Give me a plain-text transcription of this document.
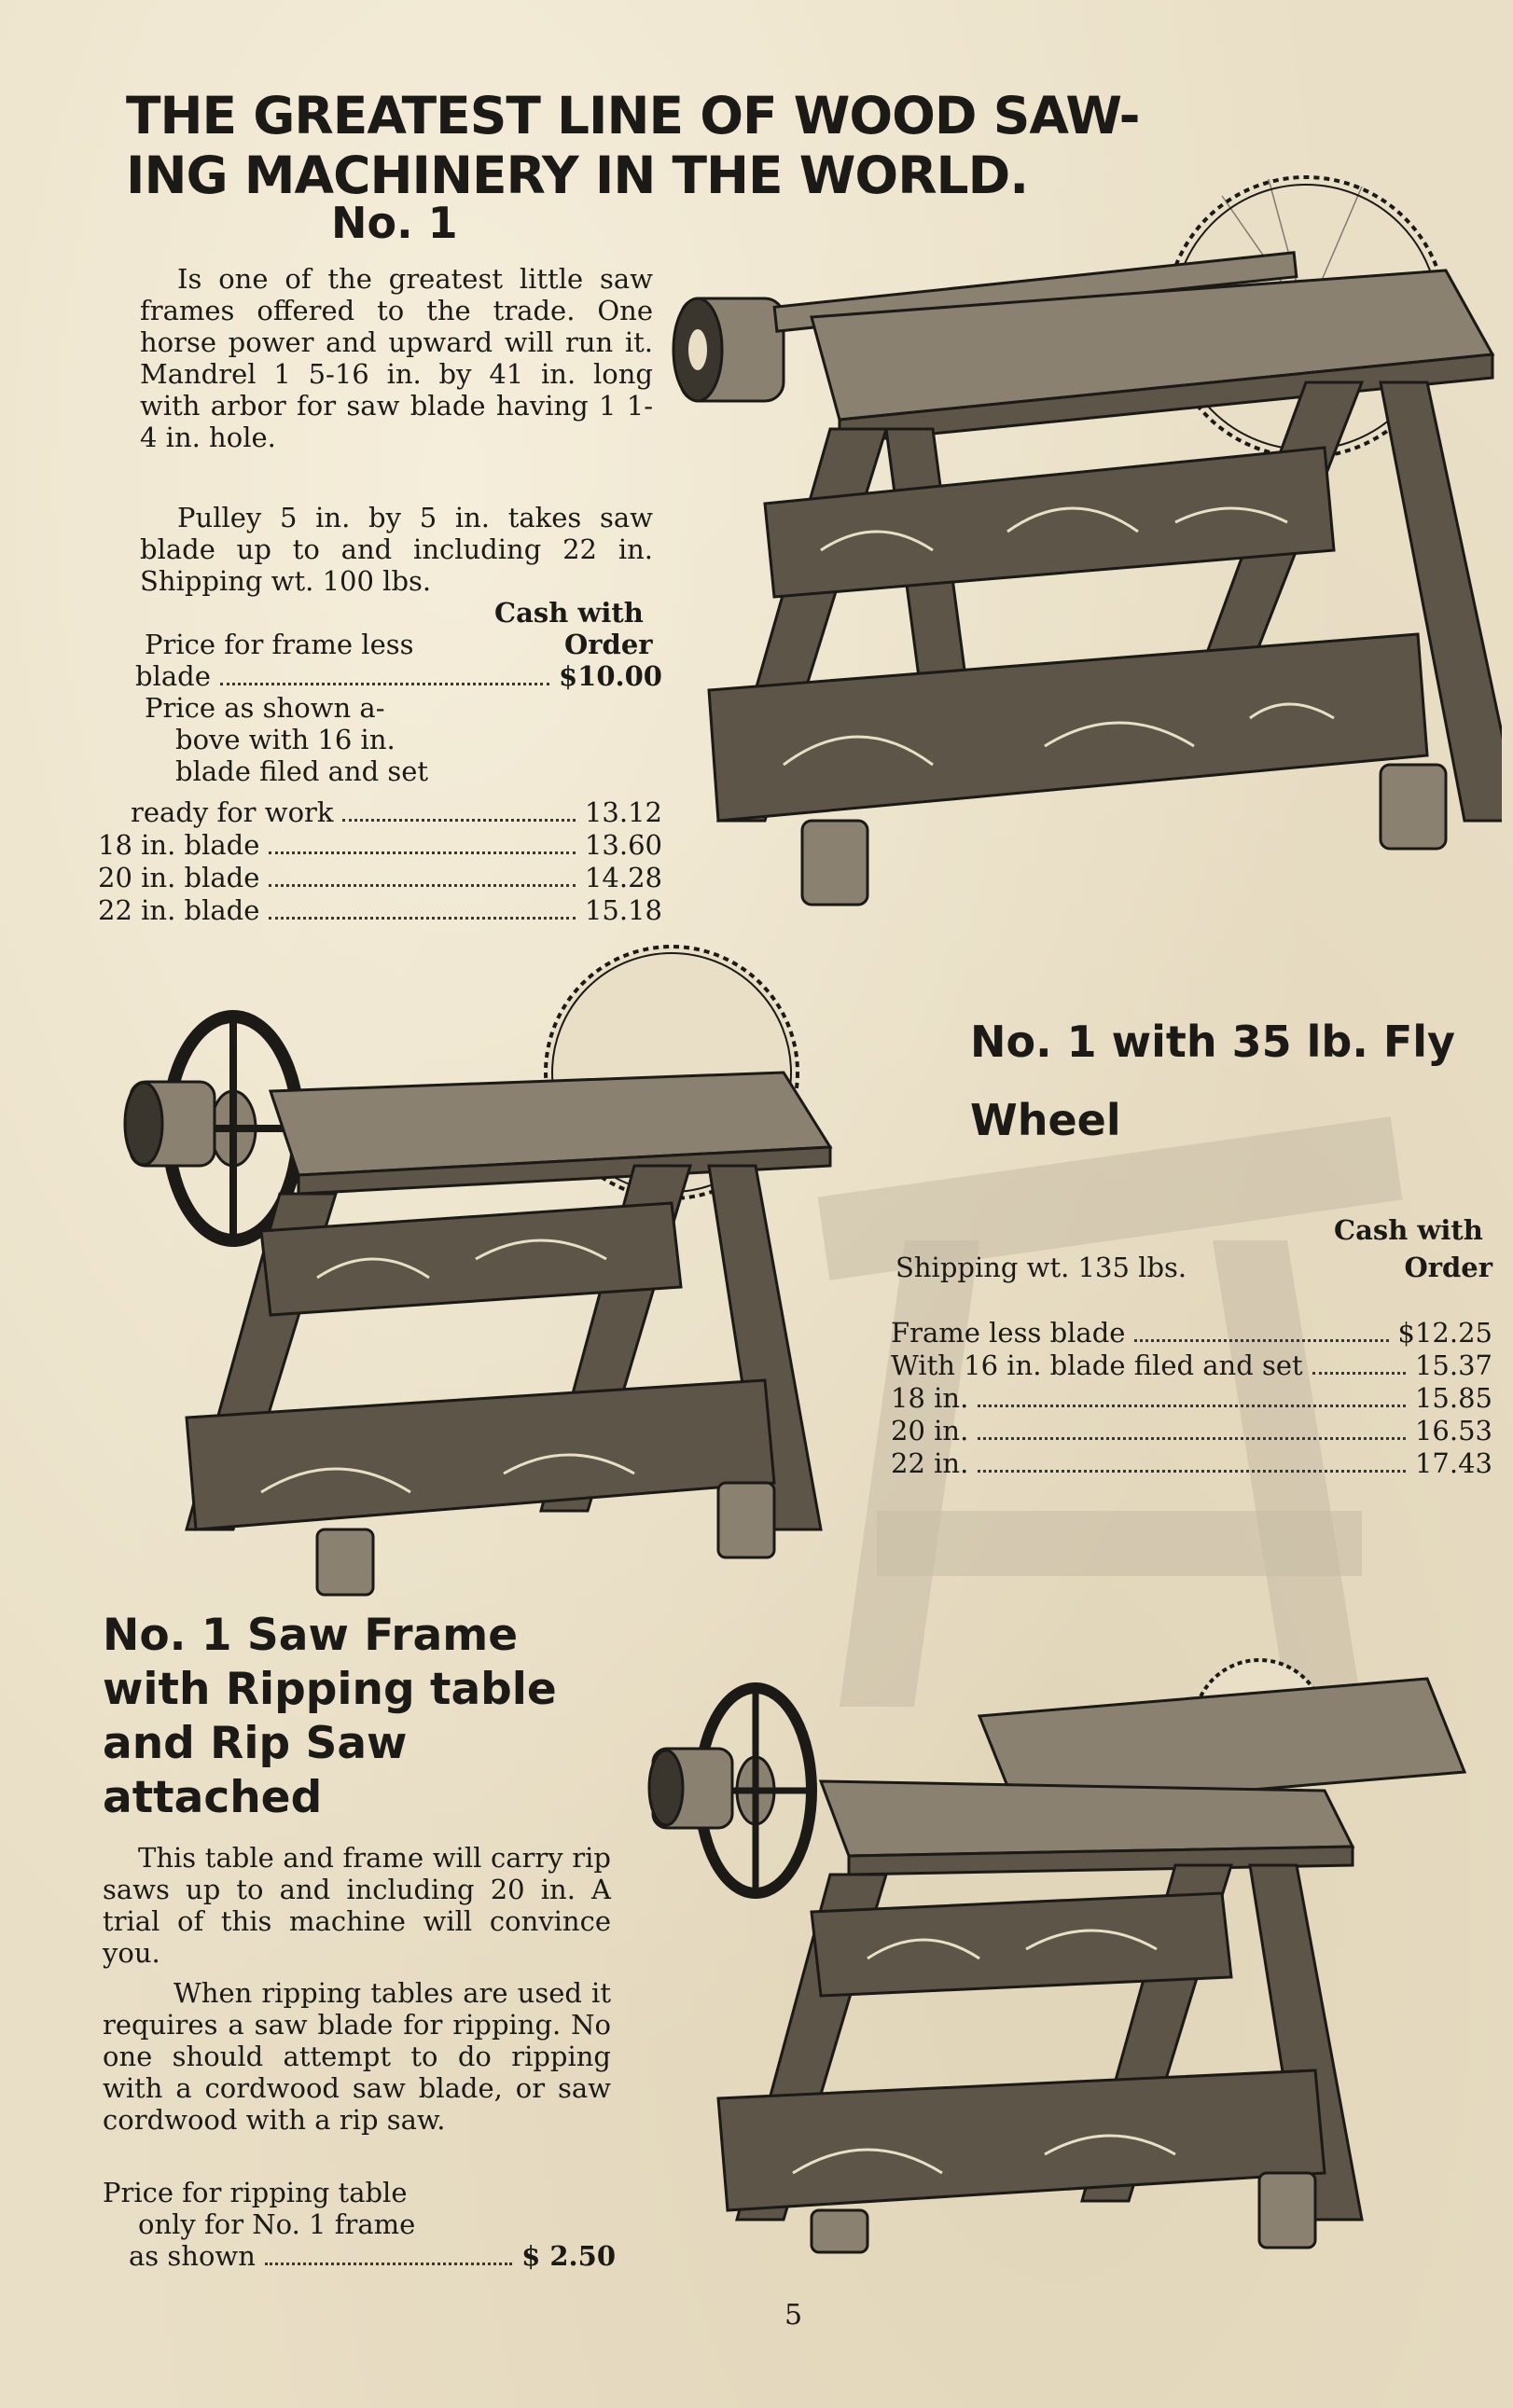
THE GREATEST LINE OF WOOD SAW-
ING MACHINERY IN THE WORLD.
No. 1
Is one of the greatest little saw frames offered to the trade. One horse power and upward will run it. Mandrel 1 5-16 in. by 41 in. long with arbor for saw blade having 1 1-4 in. hole.
Pulley 5 in. by 5 in. takes saw blade up to and including 22 in. Shipping wt. 100 lbs.
Cash with
Price for frame less	Order
blade	$10.00
Price as shown a-
bove with 16 in.
blade filed and set
ready for work	13.12
18 in. blade	13.60
20 in. blade	14.28
22 in. blade	15.18
No. 1 with 35 lb. Fly Wheel
Cash with
Shipping wt. 135 lbs.	Order
Frame less blade	$12.25
With 16 in. blade filed and set	15.37
18 in.	15.85
20 in.	16.53
22 in.	17.43
No. 1 Saw Frame with Ripping table and Rip Saw attached
This table and frame will carry rip saws up to and including 20 in. A trial of this machine will convince you.
When ripping tables are used it requires a saw blade for ripping. No one should attempt to do ripping with a cordwood saw blade, or saw cordwood with a rip saw.
Price for ripping table
only for No. 1 frame
as shown	$ 2.50
5
